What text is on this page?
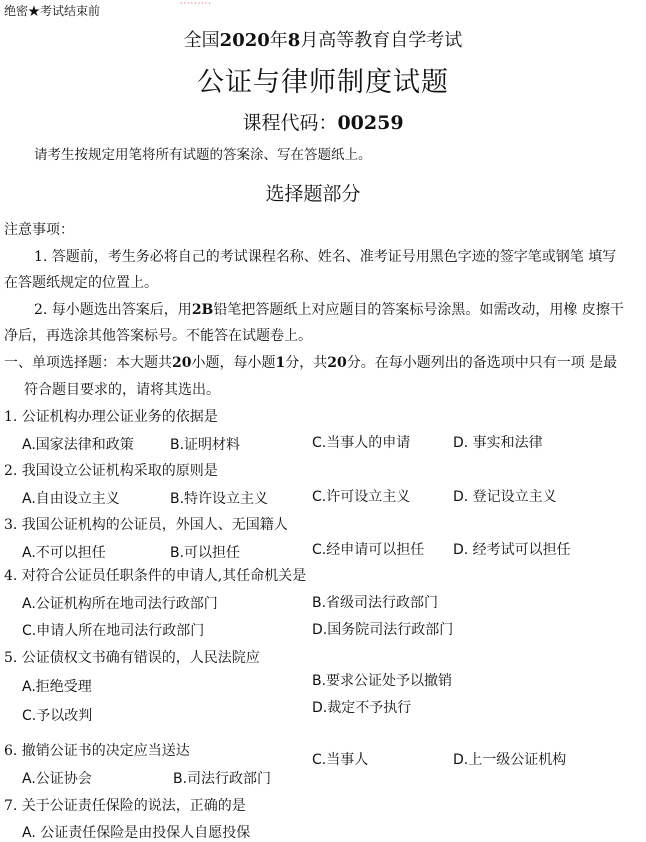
绝密★考试结束前
·········
全国2020年8月高等教育自学考试
公证与律师制度试题
课程代码：00259
请考生按规定用笔将所有试题的答案涂、写在答题纸上。
选择题部分
注意事项：
1. 答题前，考生务必将自己的考试课程名称、姓名、准考证号用黑色字迹的签字笔或钢笔 填写
在答题纸规定的位置上。
2. 每小题选出答案后，用2B铅笔把答题纸上对应题目的答案标号涂黑。如需改动，用橡 皮擦干
净后，再选涂其他答案标号。不能答在试题卷上。
一、单项选择题：本大题共20小题，每小题1分，共20分。在每小题列出的备选项中只有一项 是最
符合题目要求的，请将其选出。
1. 公证机构办理公证业务的依据是
A.国家法律和政策	B.证明材料	C.当事人的申请	D. 事实和法律
2. 我国设立公证机构采取的原则是
A.自由设立主义	B.特许设立主义	C.许可设立主义	D. 登记设立主义
3. 我国公证机构的公证员，外国人、无国籍人
A.不可以担任	B.可以担任	C.经申请可以担任 D. 经考试可以担任
4. 对符合公证员任职条件的申请人,其任命机关是
A.公证机构所在地司法行政部门	B.省级司法行政部门
C.申请人所在地司法行政部门	D.国务院司法行政部门
5. 公证债权文书确有错误的，人民法院应
A.拒绝受理	B.要求公证处予以撤销
C.予以改判	D.裁定不予执行
6. 撤销公证书的决定应当送达
A.公证协会	B.司法行政部门
C.当事人	D.上一级公证机构
7. 关于公证责任保险的说法，正确的是
A. 公证责任保险是由投保人自愿投保
